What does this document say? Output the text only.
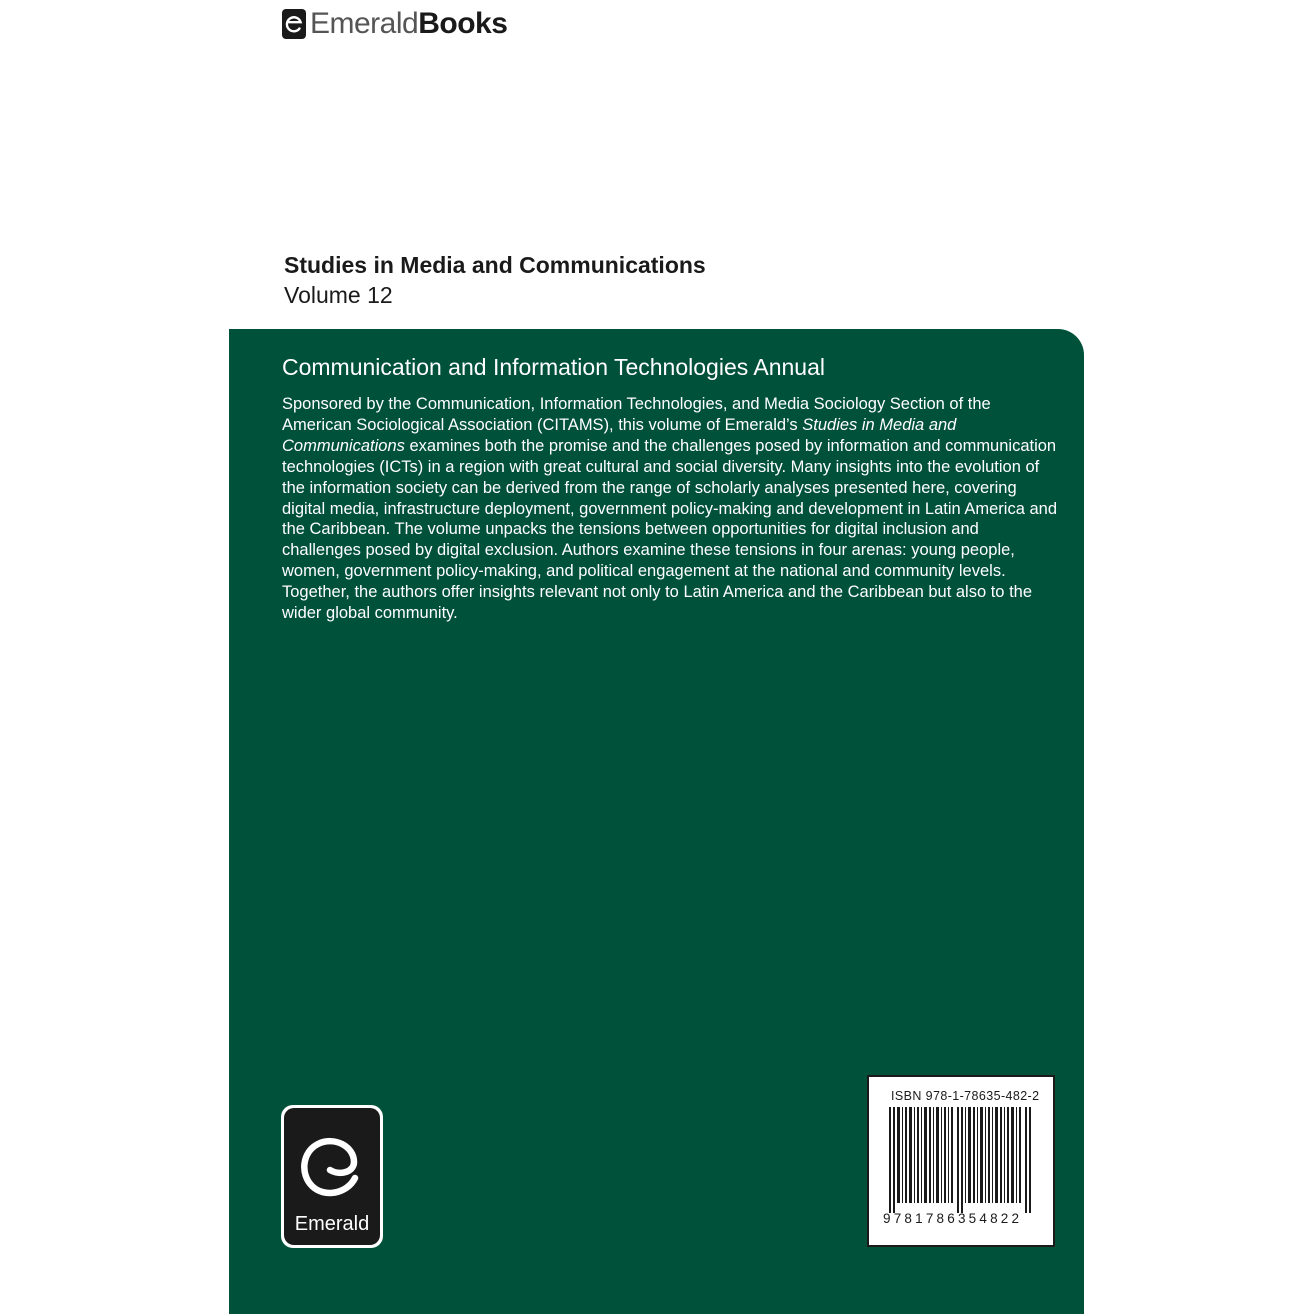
Emerald Books
Studies in Media and Communications

Volume 12

Communication and Information Technologies Annual

Sponsored by the Communication, Information Technologies, and Media Sociology Section of the American Sociological Association (CITAMS), this volume of Emerald’s Studies in Media and Communications examines both the promise and the challenges posed by information and communication technologies (ICTs) in a region with great cultural and social diversity. Many insights into the evolution of the information society can be derived from the range of scholarly analyses presented here, covering digital media, infrastructure deployment, government policy-making and development in Latin America and the Caribbean. The volume unpacks the tensions between opportunities for digital inclusion and challenges posed by digital exclusion. Authors examine these tensions in four arenas: young people, women, government policy-making, and political engagement at the national and community levels. Together, the authors offer insights relevant not only to Latin America and the Caribbean but also to the wider global community.

Emerald
ISBN 978-1-78635-482-2
9781786354822
